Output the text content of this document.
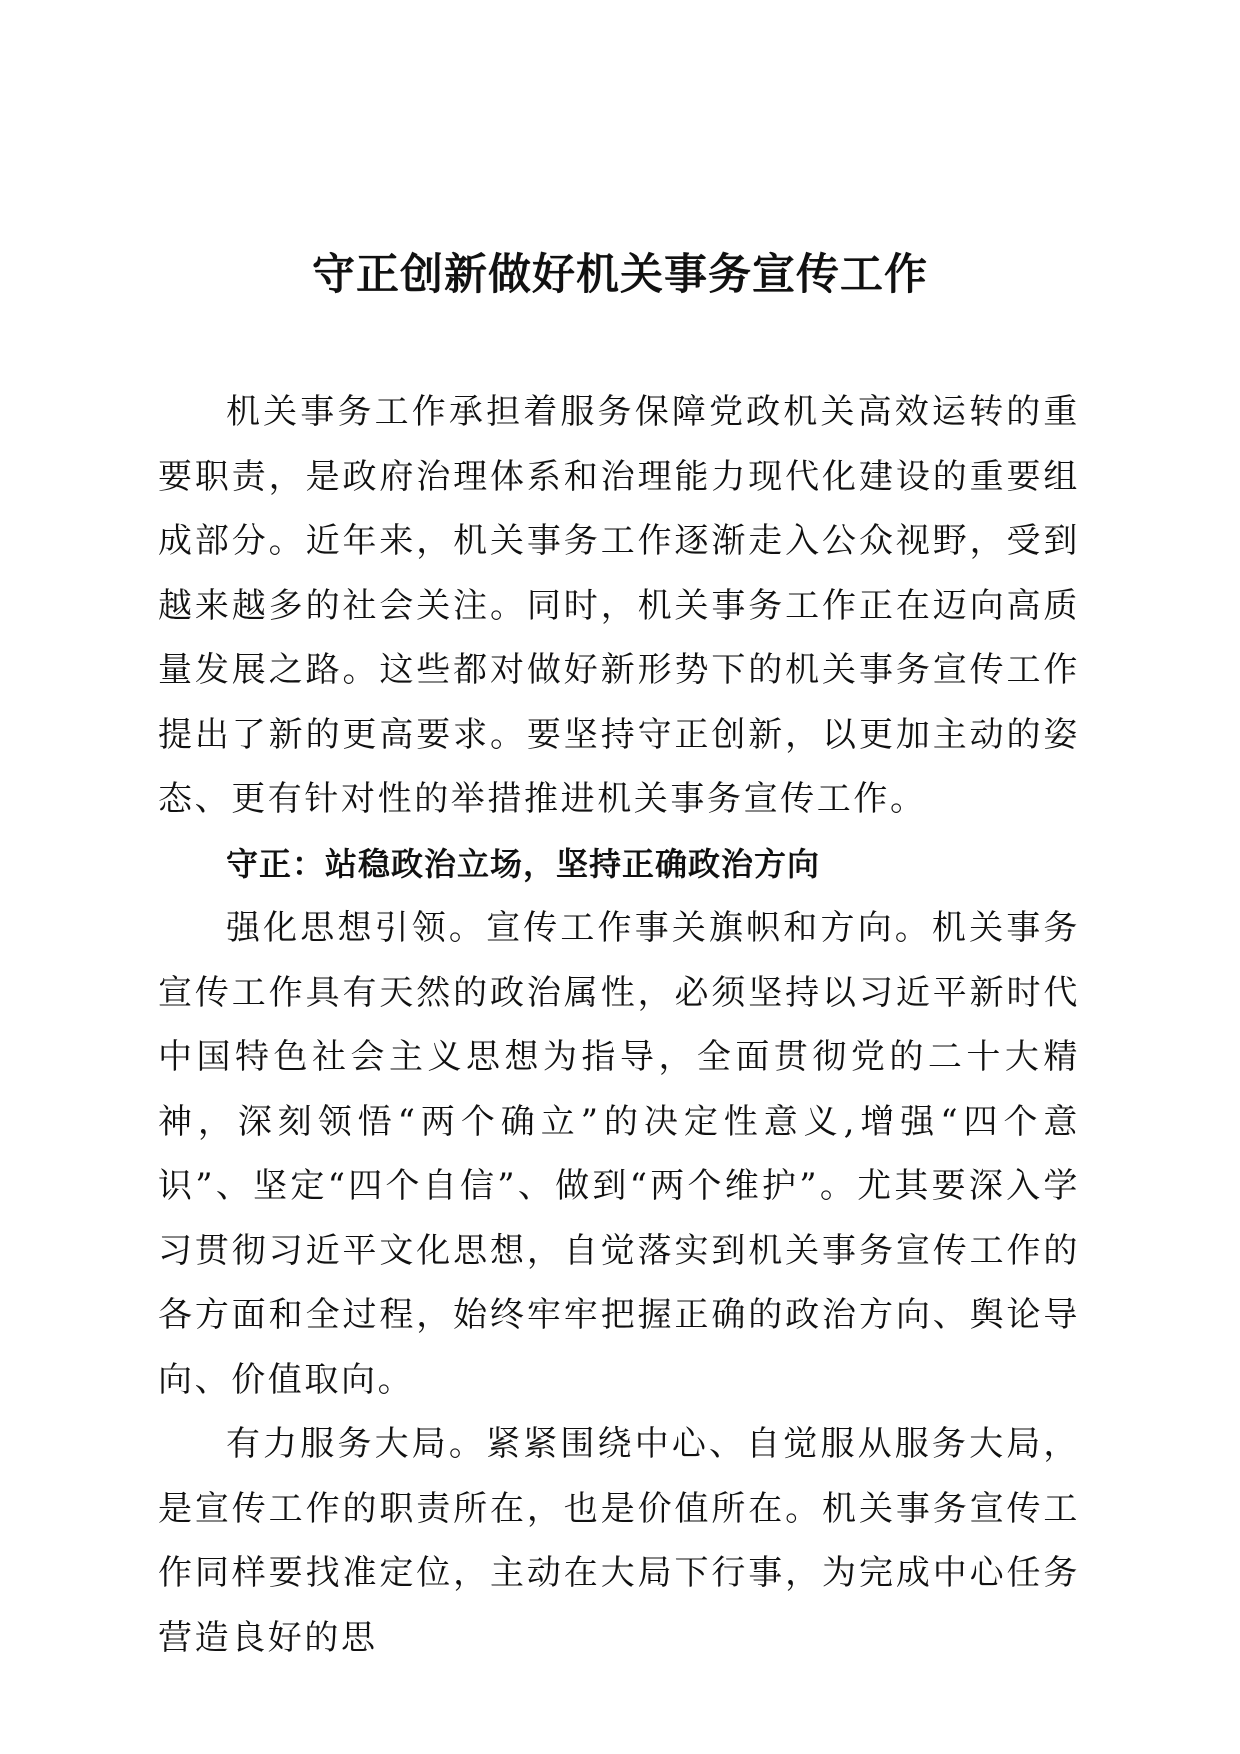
守正创新做好机关事务宣传工作

机关事务工作承担着服务保障党政机关高效运转的重要职责，是政府治理体系和治理能力现代化建设的重要组成部分。近年来，机关事务工作逐渐走入公众视野，受到越来越多的社会关注。同时，机关事务工作正在迈向高质量发展之路。这些都对做好新形势下的机关事务宣传工作提出了新的更高要求。要坚持守正创新，以更加主动的姿态、更有针对性的举措推进机关事务宣传工作。

守正：站稳政治立场，坚持正确政治方向

强化思想引领。宣传工作事关旗帜和方向。机关事务宣传工作具有天然的政治属性，必须坚持以习近平新时代中国特色社会主义思想为指导，全面贯彻党的二十大精神，深刻领悟“两个确立”的决定性意义,增强“四个意识”、坚定“四个自信”、做到“两个维护”。尤其要深入学习贯彻习近平文化思想，自觉落实到机关事务宣传工作的各方面和全过程，始终牢牢把握正确的政治方向、舆论导向、价值取向。

有力服务大局。紧紧围绕中心、自觉服从服务大局，是宣传工作的职责所在，也是价值所在。机关事务宣传工作同样要找准定位，主动在大局下行事，为完成中心任务营造良好的思
